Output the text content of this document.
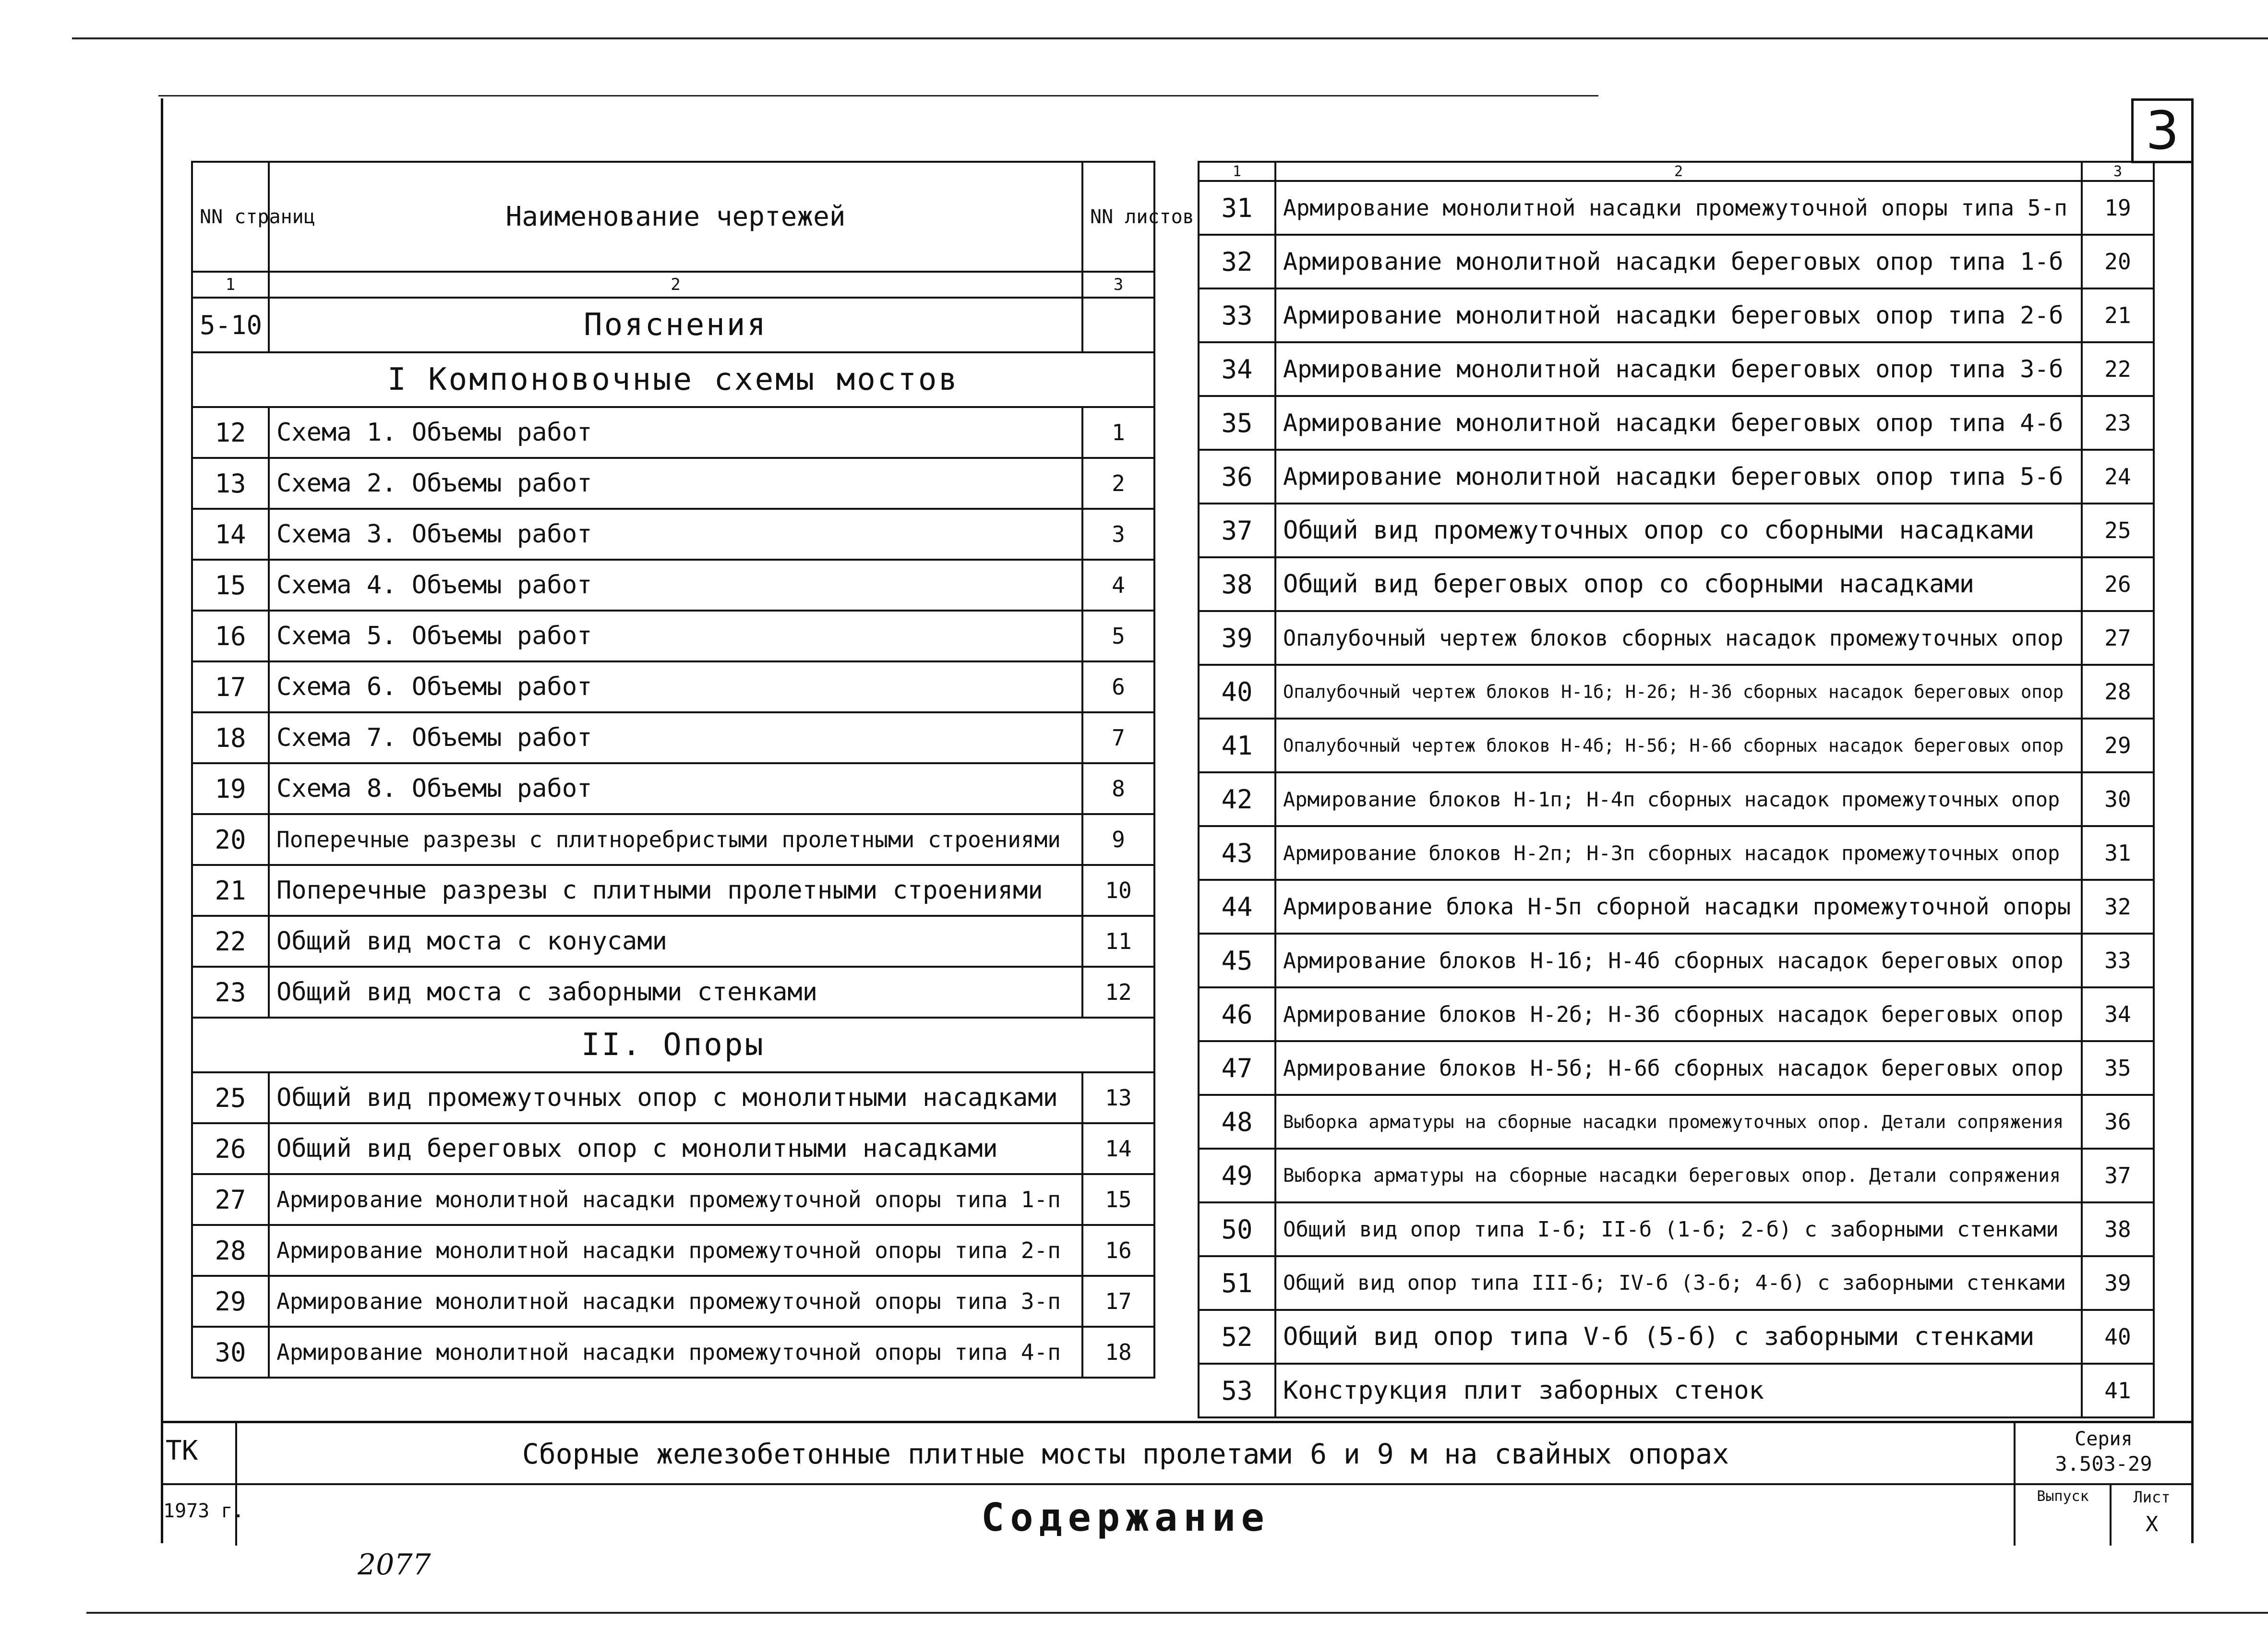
3
NN страниц	Наименование чертежей	NN листов
1	2	3
5-10	Пояснения	
I Компоновочные схемы мостов		
12	Схема 1. Объемы работ	1
13	Схема 2. Объемы работ	2
14	Схема 3. Объемы работ	3
15	Схема 4. Объемы работ	4
16	Схема 5. Объемы работ	5
17	Схема 6. Объемы работ	6
18	Схема 7. Объемы работ	7
19	Схема 8. Объемы работ	8
20	Поперечные разрезы с плитноребристыми пролетными строениями	9
21	Поперечные разрезы с плитными пролетными строениями	10
22	Общий вид моста с конусами	11
23	Общий вид моста с заборными стенками	12
II. Опоры		
25	Общий вид промежуточных опор с монолитными насадками	13
26	Общий вид береговых опор с монолитными насадками	14
27	Армирование монолитной насадки промежуточной опоры типа 1-п	15
28	Армирование монолитной насадки промежуточной опоры типа 2-п	16
29	Армирование монолитной насадки промежуточной опоры типа 3-п	17
30	Армирование монолитной насадки промежуточной опоры типа 4-п	18
1	2	3
31	Армирование монолитной насадки промежуточной опоры типа 5-п	19
32	Армирование монолитной насадки береговых опор типа 1-б	20
33	Армирование монолитной насадки береговых опор типа 2-б	21
34	Армирование монолитной насадки береговых опор типа 3-б	22
35	Армирование монолитной насадки береговых опор типа 4-б	23
36	Армирование монолитной насадки береговых опор типа 5-б	24
37	Общий вид промежуточных опор со сборными насадками	25
38	Общий вид береговых опор со сборными насадками	26
39	Опалубочный чертеж блоков сборных насадок промежуточных опор	27
40	Опалубочный чертеж блоков Н-1б; Н-2б; Н-3б сборных насадок береговых опор	28
41	Опалубочный чертеж блоков Н-4б; Н-5б; Н-6б сборных насадок береговых опор	29
42	Армирование блоков Н-1п; Н-4п сборных насадок промежуточных опор	30
43	Армирование блоков Н-2п; Н-3п сборных насадок промежуточных опор	31
44	Армирование блока Н-5п сборной насадки промежуточной опоры	32
45	Армирование блоков Н-1б; Н-4б сборных насадок береговых опор	33
46	Армирование блоков Н-2б; Н-3б сборных насадок береговых опор	34
47	Армирование блоков Н-5б; Н-6б сборных насадок береговых опор	35
48	Выборка арматуры на сборные насадки промежуточных опор. Детали сопряжения	36
49	Выборка арматуры на сборные насадки береговых опор. Детали сопряжения	37
50	Общий вид опор типа I-б; II-б (1-б; 2-б) с заборными стенками	38
51	Общий вид опор типа III-б; IV-б (3-б; 4-б) с заборными стенками	39
52	Общий вид опор типа V-б (5-б) с заборными стенками	40
53	Конструкция плит заборных стенок	41
ТК
1973 г.
Сборные железобетонные плитные мосты пролетами 6 и 9 м на свайных опорах
Содержание
Серия
3.503-29
Выпуск	Лист
X
2077
